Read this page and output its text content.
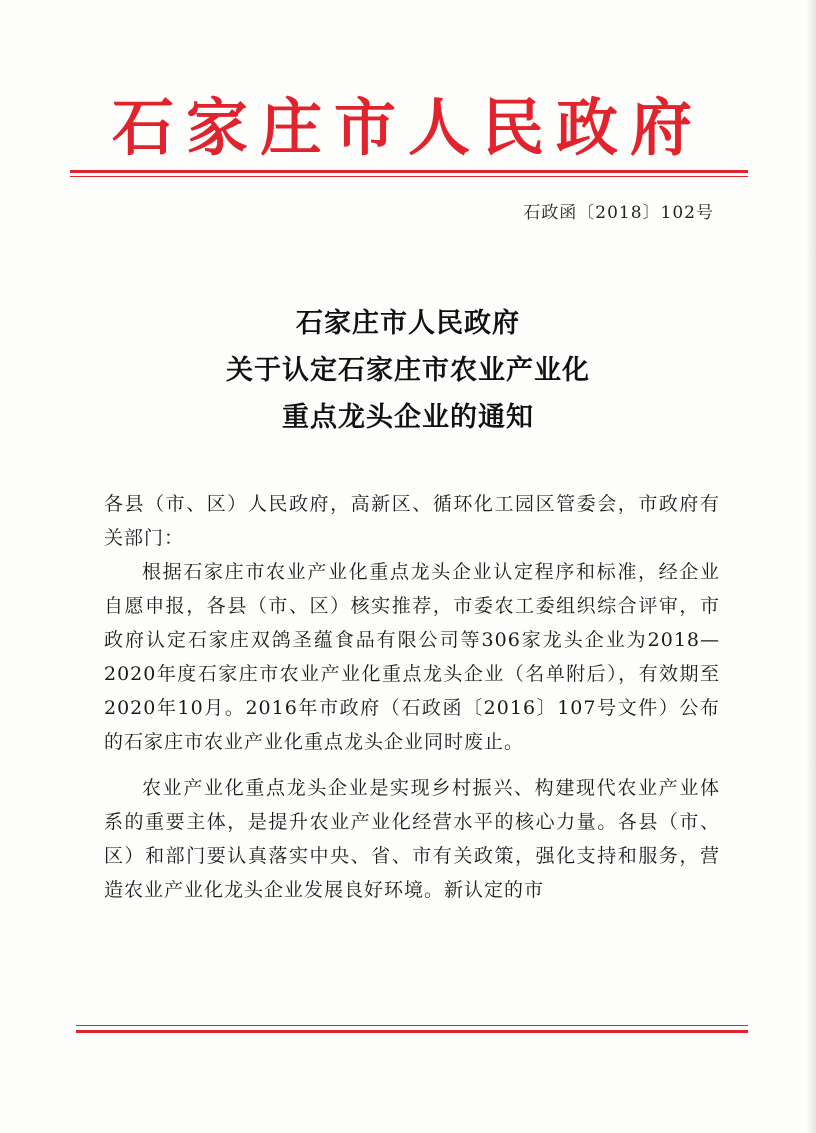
石家庄市人民政府
石政函〔2018〕102号
石家庄市人民政府
关于认定石家庄市农业产业化
重点龙头企业的通知

各县（市、区）人民政府，高新区、循环化工园区管委会，市政府有关部门：

根据石家庄市农业产业化重点龙头企业认定程序和标准，经企业自愿申报，各县（市、区）核实推荐，市委农工委组织综合评审，市政府认定石家庄双鸽圣蕴食品有限公司等306家龙头企业为2018—2020年度石家庄市农业产业化重点龙头企业（名单附后），有效期至2020年10月。2016年市政府（石政函〔2016〕107号文件）公布的石家庄市农业产业化重点龙头企业同时废止。

农业产业化重点龙头企业是实现乡村振兴、构建现代农业产业体系的重要主体，是提升农业产业化经营水平的核心力量。各县（市、区）和部门要认真落实中央、省、市有关政策，强化支持和服务，营造农业产业化龙头企业发展良好环境。新认定的市
